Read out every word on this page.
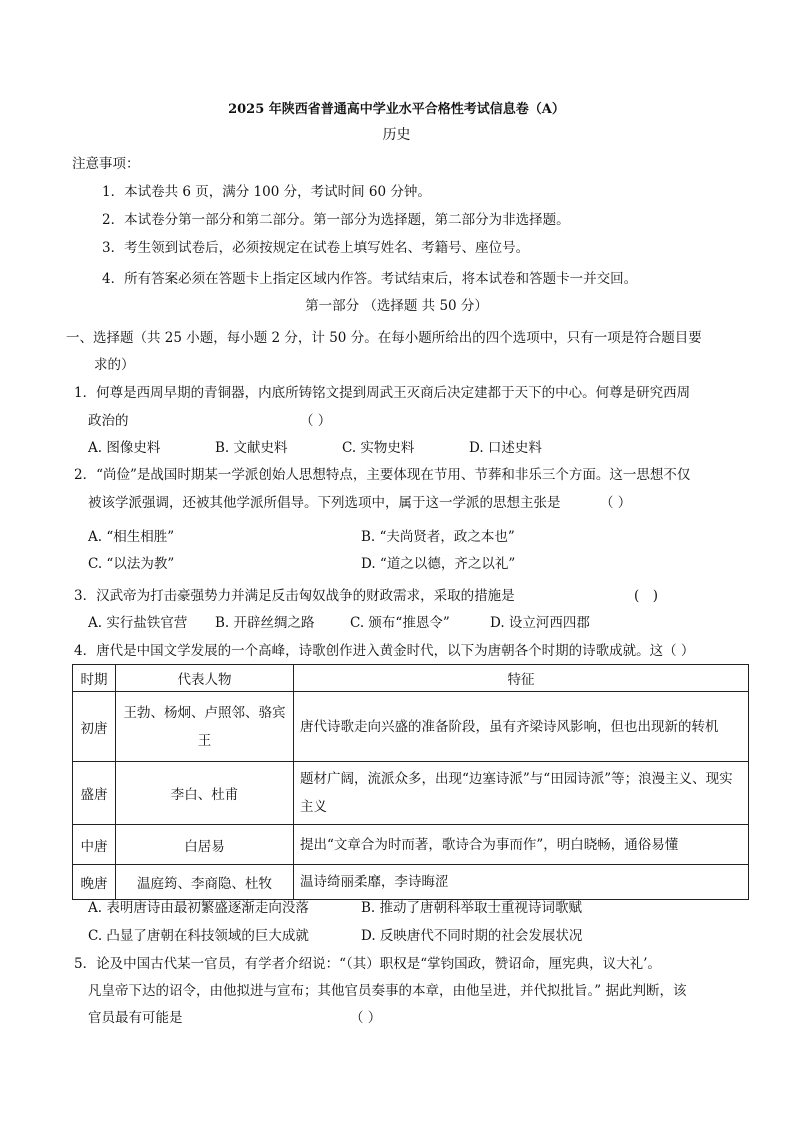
2025 年陕西省普通高中学业水平合格性考试信息卷（A）
历史
注意事项：
1．本试卷共 6 页，满分 100 分，考试时间 60 分钟。
2．本试卷分第一部分和第二部分。第一部分为选择题，第二部分为非选择题。
3．考生领到试卷后，必须按规定在试卷上填写姓名、考籍号、座位号。
4．所有答案必须在答题卡上指定区域内作答。考试结束后，将本试卷和答题卡一并交回。
第一部分 （选择题 共 50 分）
一、选择题（共 25 小题，每小题 2 分，计 50 分。在每小题所给出的四个选项中，只有一项是符合题目要
求的）
1．何尊是西周早期的青铜器，内底所铸铭文提到周武王灭商后决定建都于天下的中心。何尊是研究西周
政治的	（ ）
A. 图像史料	B. 文献史料	C. 实物史料	D. 口述史料
2．“尚俭”是战国时期某一学派创始人思想特点，主要体现在节用、节葬和非乐三个方面。这一思想不仅
被该学派强调，还被其他学派所倡导。下列选项中，属于这一学派的思想主张是	（ ）
A. “相生相胜”	B. “夫尚贤者，政之本也”
C. “以法为教”	D. “道之以德，齐之以礼”
3．汉武帝为打击豪强势力并满足反击匈奴战争的财政需求，采取的措施是	(　)
A. 实行盐铁官营 B. 开辟丝绸之路	C. 颁布“推恩令”	D. 设立河西四郡
4．唐代是中国文学发展的一个高峰，诗歌创作进入黄金时代，以下为唐朝各个时期的诗歌成就。这（ ）
时期	代表人物	特征
初唐	王勃、杨炯、卢照邻、骆宾王	唐代诗歌走向兴盛的准备阶段，虽有齐梁诗风影响，但也出现新的转机
盛唐	李白、杜甫	题材广阔，流派众多，出现“边塞诗派”与“田园诗派”等；浪漫主义、现实主义
中唐	白居易	提出“文章合为时而著，歌诗合为事而作”，明白晓畅，通俗易懂
晚唐	温庭筠、李商隐、杜牧	温诗绮丽柔靡，李诗晦涩
A. 表明唐诗由最初繁盛逐渐走向没落	B. 推动了唐朝科举取士重视诗词歌赋
C. 凸显了唐朝在科技领域的巨大成就	D. 反映唐代不同时期的社会发展状况
5．论及中国古代某一官员，有学者介绍说：“（其）职权是“掌钧国政，赞诏命，厘宪典，议大礼’。
凡皇帝下达的诏令，由他拟进与宣布；其他官员奏事的本章，由他呈进，并代拟批旨。” 据此判断，该
官员最有可能是	（ ）
